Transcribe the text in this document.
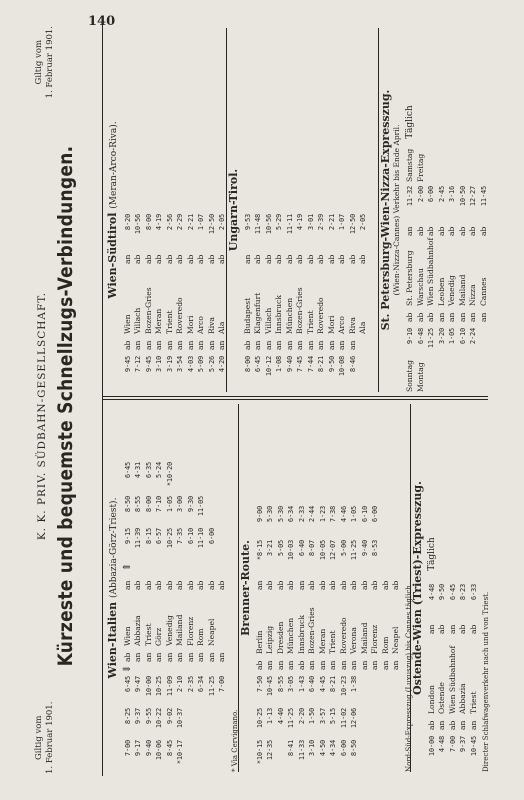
140
Giltig vom 1. Februar 1901.
K. K. PRIV. SÜDBAHN-GESELLSCHAFT. Kürzeste und bequemste Schnellzugs-Verbindungen.
Giltig vom 1. Februar 1901.
Wien-Italien (Abbazia-Görz-Triest).
7·00
9·17
9·40
10·06
8·45
*10·17

8·25
9·37
9·55
10·22
9·02
10·37

6·45
9·47
10·00
10·25
11·09
2·10
2·35
6·34
11·25
7·00
⇓
ab
an
an
an
an
an
an
an
an
an
Wien
Abbazia
Triest
Görz
Venedig
Mailand
Florenz
Rom
Neapel

an
ab
ab
ab
ab
ab
ab
ab
ab
ab
⇑
9·15
11·39
8·15
6·57
10·25
7·35
6·10
11·10
6·00
8·50
8·55
8·00
7·10
1·05
3·00
9·30
11·05
6·45
4·31
6·35
5·24
*10·20
* Via Cervignano.
Brenner-Route.
*10·15
12·35

8·41
11·33
3·10
4·50
4·34
6·00
8·50
10·25
1·13
4·40
11·25
2·20
1·50
3·57
5·15
11·02
12·06
7·50
10·45
8·55
3·05
1·43
6·40
4·45
8·21
10·23
1·38
ab
an
an
an
ab
an
an
an
an
an
an
an
an
an
Berlin
Leipzig
Dresden
München
Innsbruck
Bozen-Gries
Meran
Trient
Roveredo
Verona
Mailand
Florenz
Rom
Neapel
an
ab
ab
ab
an
ab
ab
ab
ab
ab
ab
ab
ab
ab
*8·15
3·21
5·05
10·03
6·40
8·07
10·05
12·07
5·00
11·25
9·40
8·53
9·00
5·30
5·30
6·34
2·33
2·44
1·23
7·38
4·46
1·05
6·10
6·00
Nord-Süd-Expresszug (Luxuszug) bis Cannes täglich.
Ostende-Wien (Triest)-Expresszug.
10·00
4·48
7·00
9·37
10·45
ab
an
ab
an
an
London
Ostende
Wien Südbahnhof
Abbazia
Triest
an
ab
an
ab
ab
4·48
9·50
6·45
8·23
6·33
Täglich
Directer Schlafwagenverkehr nach und von Triest.
Wien-Südtirol (Meran-Arco-Riva).
9·45
7·12
9·45
3·10
3·19
3·54
4·03
5·09
5·26
4·20
ab
an
an
an
an
an
an
an
an
an
Wien
Villach
Bozen-Gries
Meran
Trient
Roveredo
Mori
Arco
Riva
Ala
an
ab
ab
ab
ab
ab
ab
ab
ab
ab
8·20
10·56
8·00
4·19
2·56
2·29
2·21
1·07
12·50
2·05 Ungarn-Tirol.
8·00
6·45
10·12
1·08
9·40
7·45
7·44
8·21
9·50
10·08
8·46
ab
an
an
an
an
an
an
an
an
an
an
Budapest
Klagenfurt
Villach
Innsbruck
München
Bozen-Gries
Trient
Roveredo
Mori
Arco
Riva
Ala
an
ab
ab
ab
ab
ab
ab
ab
ab
ab
ab
ab
9·53
11·48
10·56
5·29
11·11
4·19
3·01
2·39
2·21
1·07
12·50
2·05 St. Petersburg-Wien-Nizza-Expresszug. (Wien-Nizza-Cannes) Verkehr bis Ende April.
Sonntag
Montag
9·10
6·48
11·25
3·20
1·05
6·10
2·24
ab
ab
ab
an
an
an
an
an
St. Petersburg
Warschau
Wien Südbahnhof
Leoben
Venedig
Mailand
Nizza
Cannes
an
ab
ab
ab
ab
ab
ab
ab
11·32
2·00
6·00
2·45
3·16
10·50
12·27
11·45
Samstag
Freitag
Täglich
